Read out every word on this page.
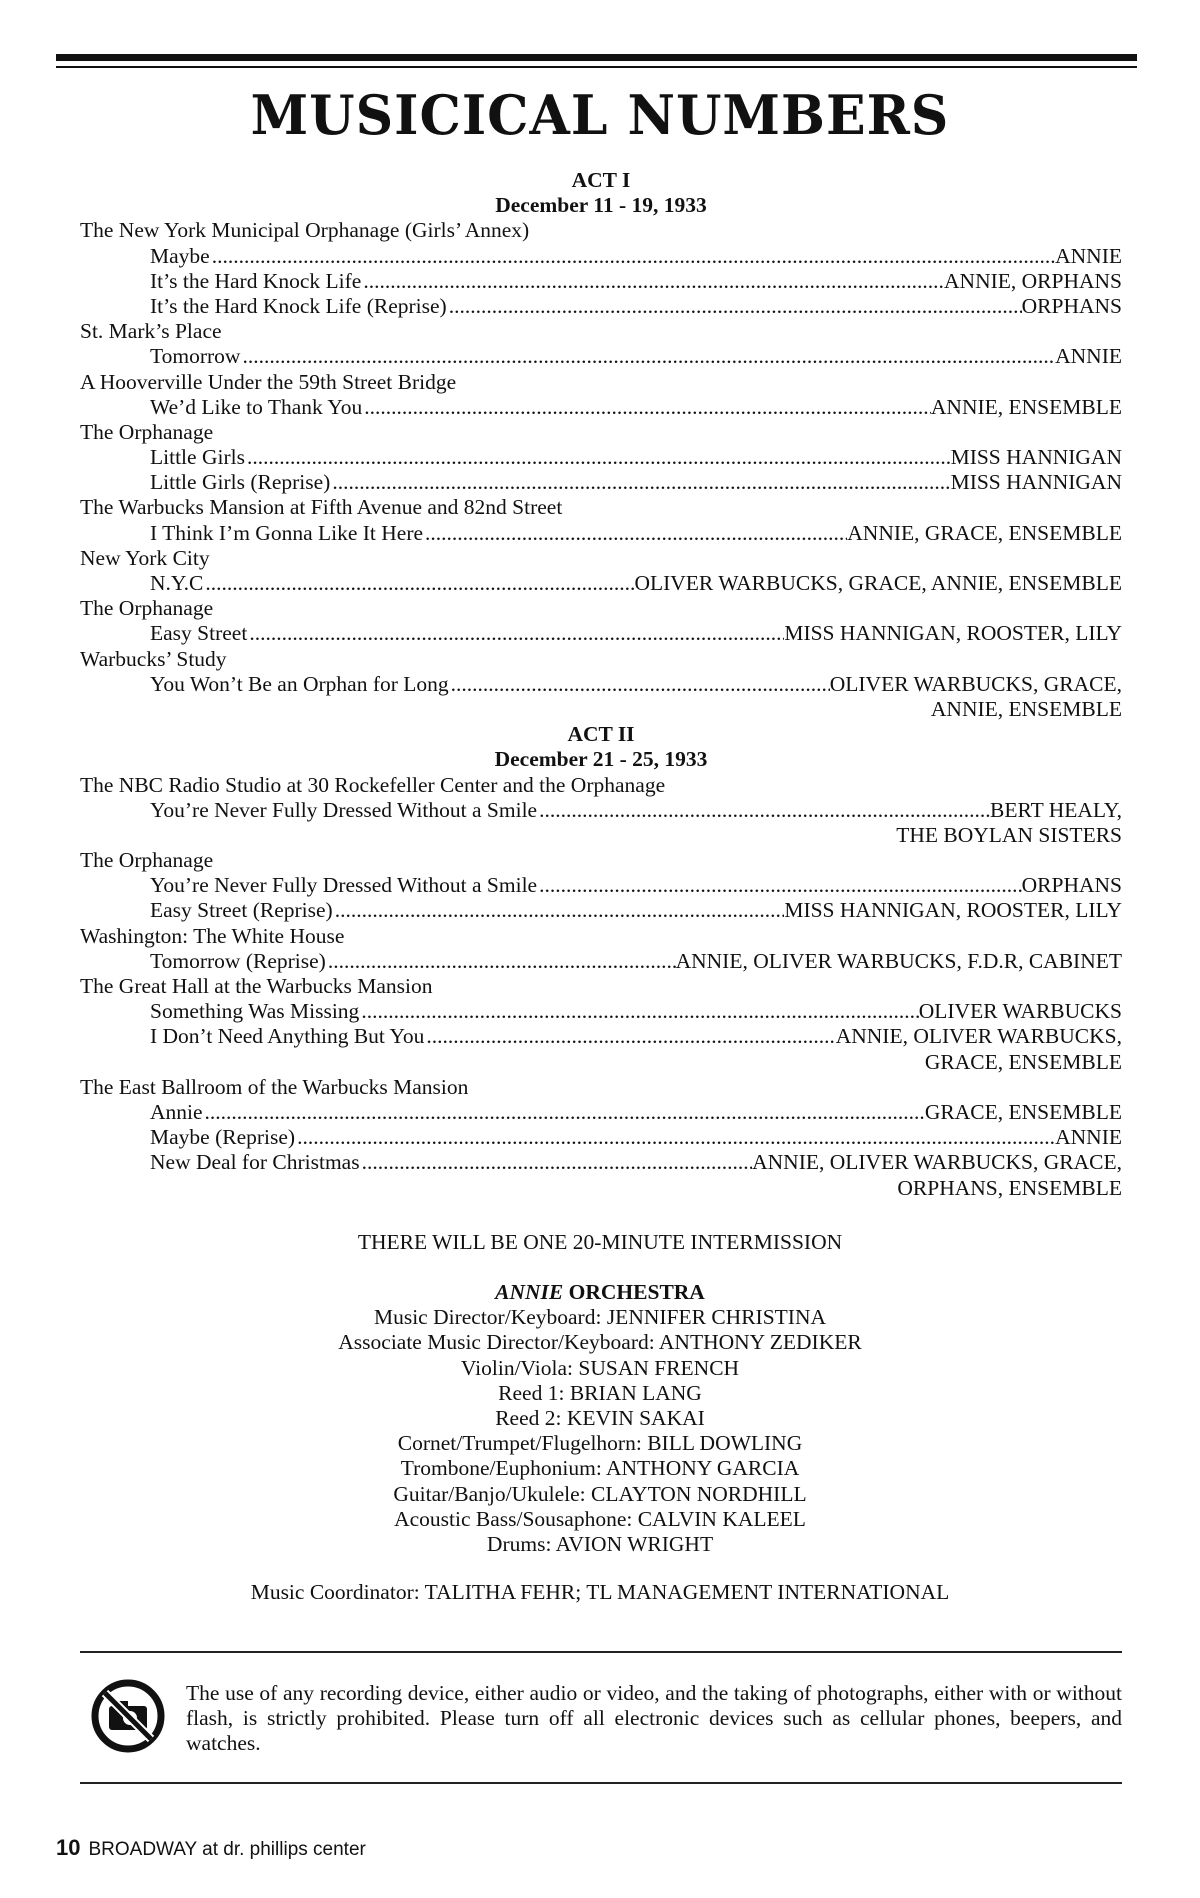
MUSICICAL NUMBERS
ACT I
December 11 - 19, 1933
The New York Municipal Orphanage (Girls’ Annex)
Maybe .....	ANNIE
It’s the Hard Knock Life .....	ANNIE, ORPHANS
It’s the Hard Knock Life (Reprise) .....	ORPHANS
St. Mark’s Place
Tomorrow .....	ANNIE
A Hooverville Under the 59th Street Bridge
We’d Like to Thank You .....	ANNIE, ENSEMBLE
The Orphanage
Little Girls .....	MISS HANNIGAN
Little Girls (Reprise) .....	MISS HANNIGAN
The Warbucks Mansion at Fifth Avenue and 82nd Street
I Think I’m Gonna Like It Here .....	ANNIE, GRACE, ENSEMBLE
New York City
N.Y.C .....	OLIVER WARBUCKS, GRACE, ANNIE, ENSEMBLE
The Orphanage
Easy Street .....	MISS HANNIGAN, ROOSTER, LILY
Warbucks’ Study
You Won’t Be an Orphan for Long .....	OLIVER WARBUCKS, GRACE,
ANNIE, ENSEMBLE
ACT II
December 21 - 25, 1933
The NBC Radio Studio at 30 Rockefeller Center and the Orphanage
You’re Never Fully Dressed Without a Smile .....	BERT HEALY,
THE BOYLAN SISTERS
The Orphanage
You’re Never Fully Dressed Without a Smile .....	ORPHANS
Easy Street (Reprise) .....	MISS HANNIGAN, ROOSTER, LILY
Washington: The White House
Tomorrow (Reprise) .....	ANNIE, OLIVER WARBUCKS, F.D.R, CABINET
The Great Hall at the Warbucks Mansion
Something Was Missing .....	OLIVER WARBUCKS
I Don’t Need Anything But You .....	ANNIE, OLIVER WARBUCKS,
GRACE, ENSEMBLE
The East Ballroom of the Warbucks Mansion
Annie .....	GRACE, ENSEMBLE
Maybe (Reprise) .....	ANNIE
New Deal for Christmas .....	ANNIE, OLIVER WARBUCKS, GRACE,
ORPHANS, ENSEMBLE
THERE WILL BE ONE 20-MINUTE INTERMISSION
ANNIE ORCHESTRA
Music Director/Keyboard: JENNIFER CHRISTINA
Associate Music Director/Keyboard: ANTHONY ZEDIKER
Violin/Viola: SUSAN FRENCH
Reed 1: BRIAN LANG
Reed 2: KEVIN SAKAI
Cornet/Trumpet/Flugelhorn: BILL DOWLING
Trombone/Euphonium: ANTHONY GARCIA
Guitar/Banjo/Ukulele: CLAYTON NORDHILL
Acoustic Bass/Sousaphone: CALVIN KALEEL
Drums: AVION WRIGHT
Music Coordinator: TALITHA FEHR; TL MANAGEMENT INTERNATIONAL
The use of any recording device, either audio or video, and the taking of photographs, either with or without flash, is strictly prohibited. Please turn off all electronic devices such as cellular phones, beepers, and watches.
10 BROADWAY at dr. phillips center
